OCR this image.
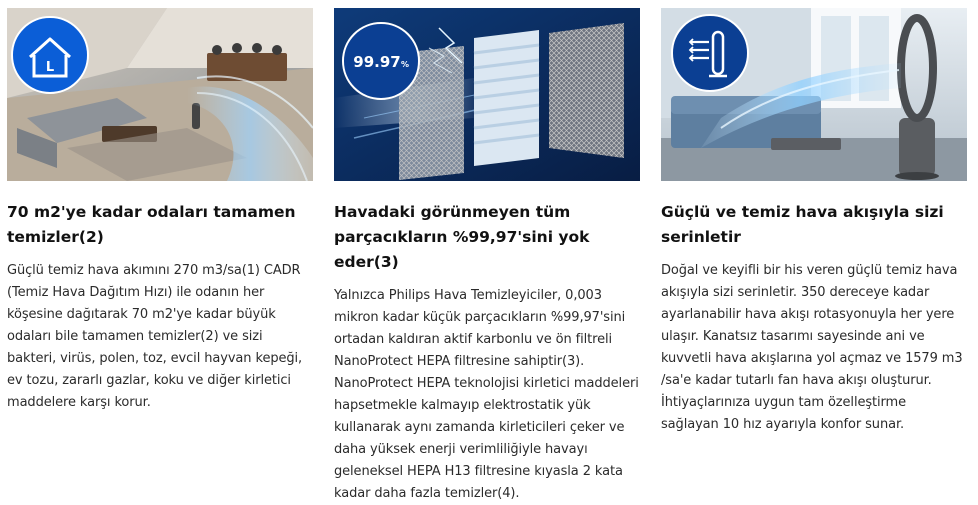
L
70 m2'ye kadar odaları tamamen temizler(2)
Güçlü temiz hava akımını 270 m3/sa(1) CADR (Temiz Hava Dağıtım Hızı) ile odanın her köşesine dağıtarak 70 m2'ye kadar büyük odaları bile tamamen temizler(2) ve sizi bakteri, virüs, polen, toz, evcil hayvan kepeği, ev tozu, zararlı gazlar, koku ve diğer kirletici maddelere karşı korur.
99.97 %
Havadaki görünmeyen tüm parçacıkların %99,97'sini yok eder(3)
Yalnızca Philips Hava Temizleyiciler, 0,003 mikron kadar küçük parçacıkların %99,97'sini ortadan kaldıran aktif karbonlu ve ön filtreli NanoProtect HEPA filtresine sahiptir(3). NanoProtect HEPA teknolojisi kirletici maddeleri hapsetmekle kalmayıp elektrostatik yük kullanarak aynı zamanda kirleticileri çeker ve daha yüksek enerji verimliliğiyle havayı geleneksel HEPA H13 filtresine kıyasla 2 kata kadar daha fazla temizler(4).
Güçlü ve temiz hava akışıyla sizi serinletir
Doğal ve keyifli bir his veren güçlü temiz hava akışıyla sizi serinletir. 350 dereceye kadar ayarlanabilir hava akışı rotasyonuyla her yere ulaşır. Kanatsız tasarımı sayesinde ani ve kuvvetli hava akışlarına yol açmaz ve 1579 m3 /sa'e kadar tutarlı fan hava akışı oluşturur. İhtiyaçlarınıza uygun tam özelleştirme sağlayan 10 hız ayarıyla konfor sunar.
